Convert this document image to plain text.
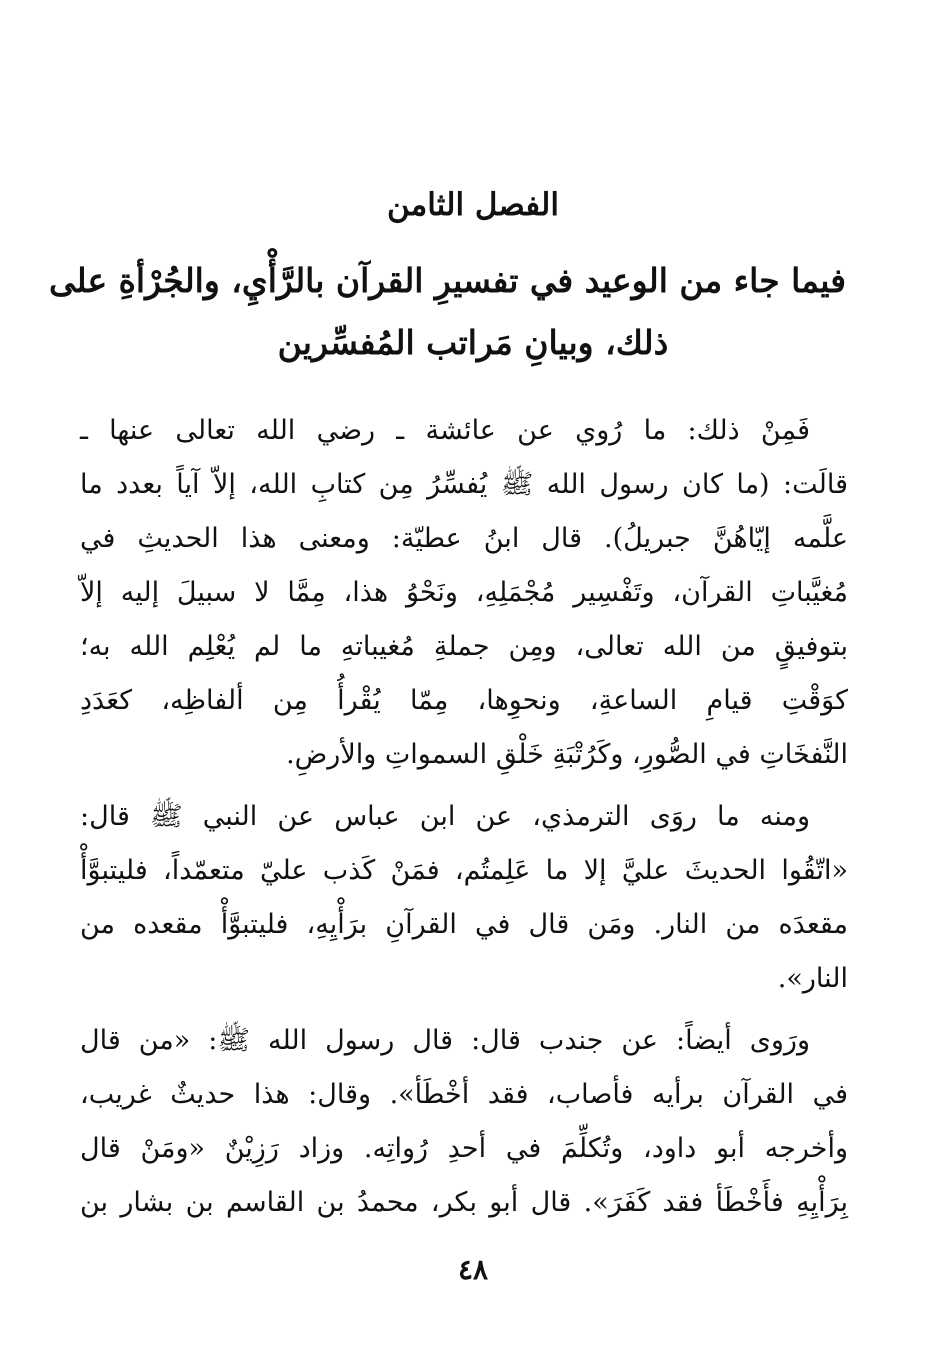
الفصل الثامن
فيما جاء من الوعيد في تفسيرِ القرآن بالرَّأْيِ، والجُرْأةِ على
ذلك، وبيانِ مَراتب المُفسِّرين
فَمِنْ ذلك: ما رُوي عن عائشة ـ رضي الله تعالى عنها ـ
قالَت: (ما كان رسول الله ﷺ يُفسِّرُ مِن كتابِ الله، إلاّ آياً بعدد ما
علَّمه إيّاهُنَّ جبريلُ). قال ابنُ عطيّة: ومعنى هذا الحديثِ في
مُغيَّباتِ القرآن، وتَفْسِير مُجْمَلِهِ، ونَحْوُ هذا، مِمَّا لا سبيلَ إليه إلاّ
بتوفيقٍ من الله تعالى، ومِن جملةِ مُغيباتهِ ما لم يُعْلِم الله به؛
كوَقْتِ قيامِ الساعةِ، ونحوِها، مِمّا يُقْرأُ مِن ألفاظِه، كعَدَدِ
النَّفخَاتِ في الصُّورِ، وكَرُتْبَةِ خَلْقِ السمواتِ والأرضِ.
ومنه ما روَى الترمذي، عن ابن عباس عن النبي ﷺ قال:
«اتّقُوا الحديثَ عليَّ إلا ما عَلِمتُم، فمَنْ كَذب عليّ متعمّداً، فليتبوَّأْ
مقعدَه من النار. ومَن قال في القرآنِ برَأْيِهِ، فليتبوَّأْ مقعده من
النار».
ورَوى أيضاً: عن جندب قال: قال رسول الله ﷺ: «من قال
في القرآن برأيه فأصاب، فقد أخْطَأ». وقال: هذا حديثٌ غريب،
وأخرجه أبو داود، وتُكلِّمَ في أحدِ رُواتِه. وزاد رَزِيْنٌ «ومَنْ قال
بِرَأْيِهِ فأَخْطَأ فقد كَفَرَ». قال أبو بكر، محمدُ بن القاسم بن بشار بن
٤٨
